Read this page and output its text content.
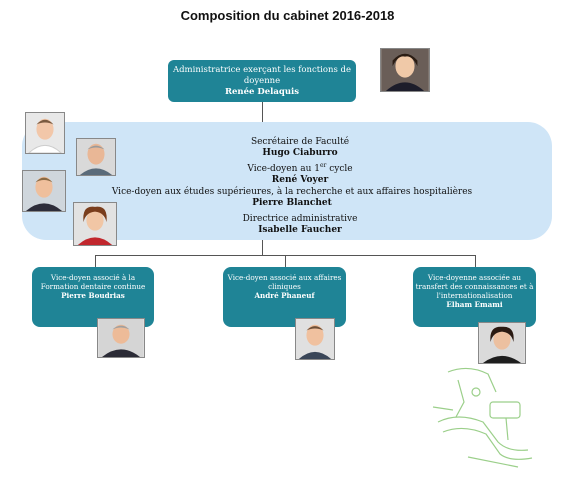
Composition du cabinet 2016-2018
Administratrice exerçant les fonctions de doyenne
Renée Delaquis
Secrétaire de Faculté
Hugo Ciaburro
Vice-doyen au 1er cycle
René Voyer
Vice-doyen aux études supérieures, à la recherche et aux affaires hospitalières
Pierre Blanchet
Directrice administrative
Isabelle Faucher
Vice-doyen associé à la Formation dentaire continue
Pierre Boudrias
Vice-doyen associé aux affaires cliniques
André Phaneuf
Vice-doyenne associée au transfert des connaissances et à l'internationalisation
Elham Emami
